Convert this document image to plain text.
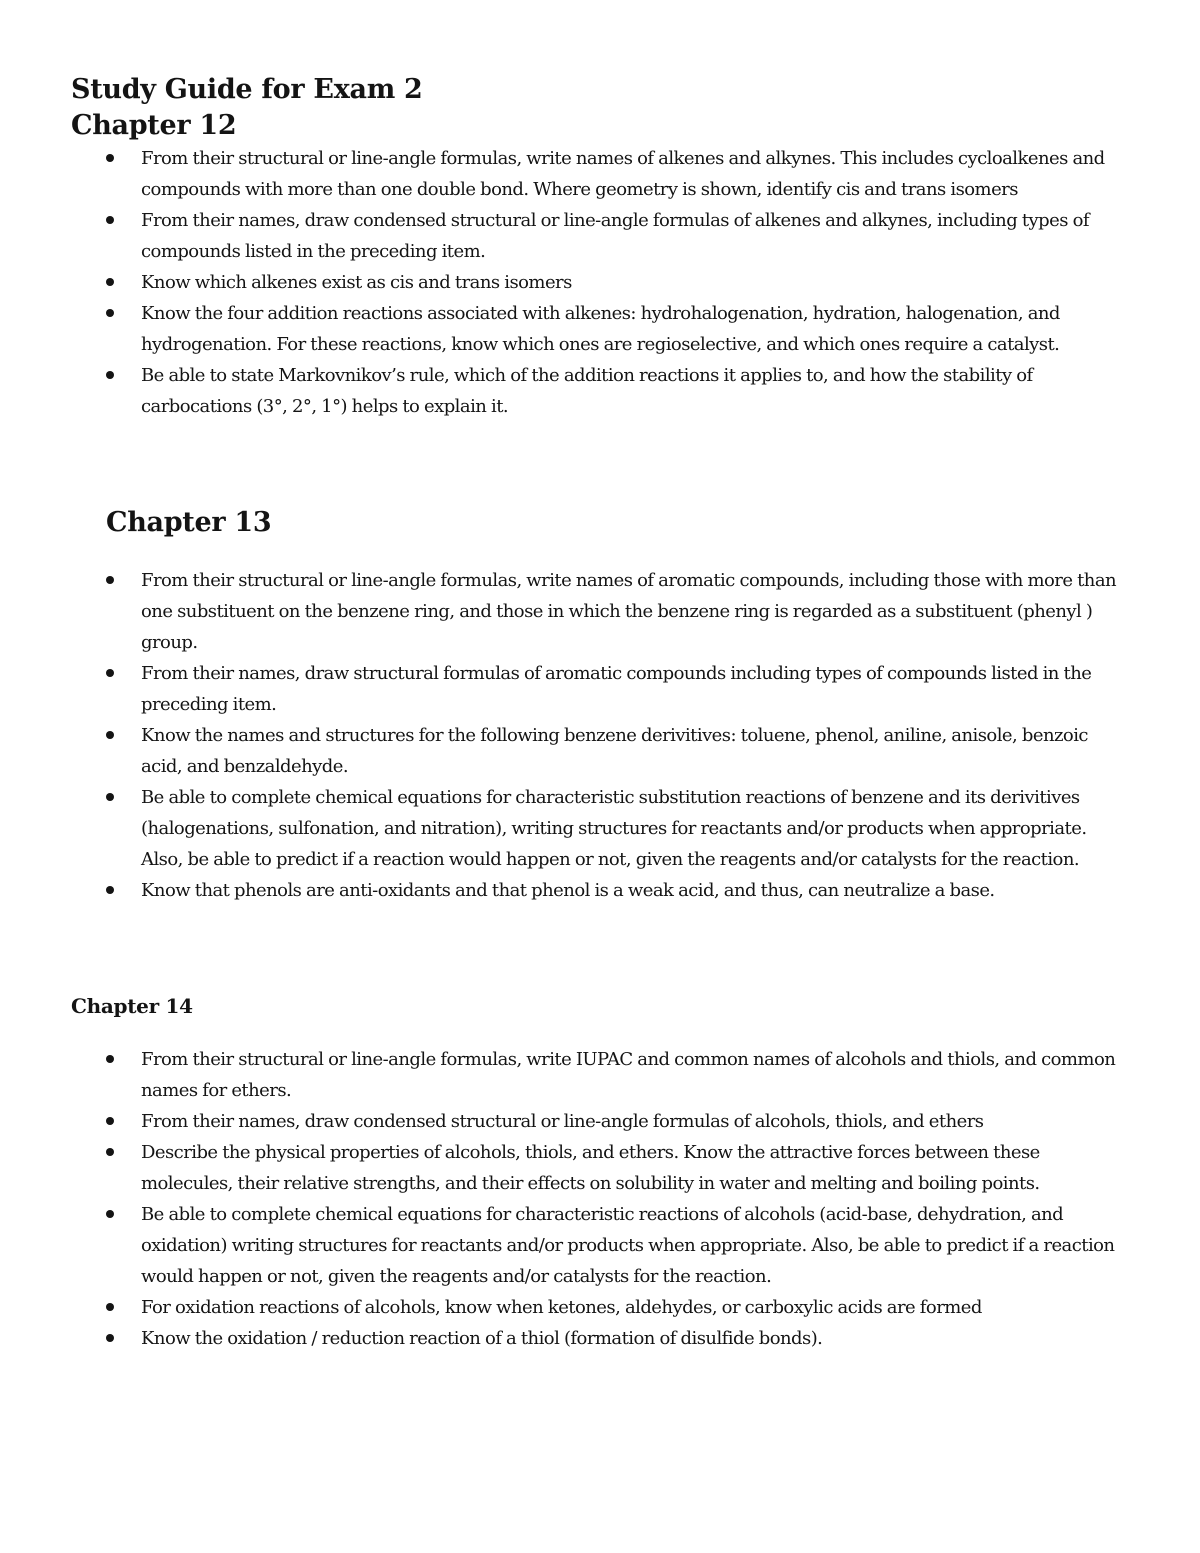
Study Guide for Exam 2
Chapter 12
From their structural or line-angle formulas, write names of alkenes and alkynes. This includes cycloalkenes and compounds with more than one double bond. Where geometry is shown, identify cis and trans isomers
From their names, draw condensed structural or line-angle formulas of alkenes and alkynes, including types of compounds listed in the preceding item.
Know which alkenes exist as cis and trans isomers
Know the four addition reactions associated with alkenes: hydrohalogenation, hydration, halogenation, and hydrogenation. For these reactions, know which ones are regioselective, and which ones require a catalyst.
Be able to state Markovnikov’s rule, which of the addition reactions it applies to, and how the stability of carbocations (3°, 2°, 1°) helps to explain it.
Chapter 13
From their structural or line-angle formulas, write names of aromatic compounds, including those with more than one substituent on the benzene ring, and those in which the benzene ring is regarded as a substituent (phenyl ) group.
From their names, draw structural formulas of aromatic compounds including types of compounds listed in the preceding item.
Know the names and structures for the following benzene derivitives: toluene, phenol, aniline, anisole, benzoic acid, and benzaldehyde.
Be able to complete chemical equations for characteristic substitution reactions of benzene and its derivitives (halogenations, sulfonation, and nitration), writing structures for reactants and/or products when appropriate. Also, be able to predict if a reaction would happen or not, given the reagents and/or catalysts for the reaction.
Know that phenols are anti-oxidants and that phenol is a weak acid, and thus, can neutralize a base.
Chapter 14
From their structural or line-angle formulas, write IUPAC and common names of alcohols and thiols, and common names for ethers.
From their names, draw condensed structural or line-angle formulas of alcohols, thiols, and ethers
Describe the physical properties of alcohols, thiols, and ethers. Know the attractive forces between these molecules, their relative strengths, and their effects on solubility in water and melting and boiling points.
Be able to complete chemical equations for characteristic reactions of alcohols (acid-base, dehydration, and oxidation) writing structures for reactants and/or products when appropriate. Also, be able to predict if a reaction would happen or not, given the reagents and/or catalysts for the reaction.
For oxidation reactions of alcohols, know when ketones, aldehydes, or carboxylic acids are formed
Know the oxidation / reduction reaction of a thiol (formation of disulfide bonds).
